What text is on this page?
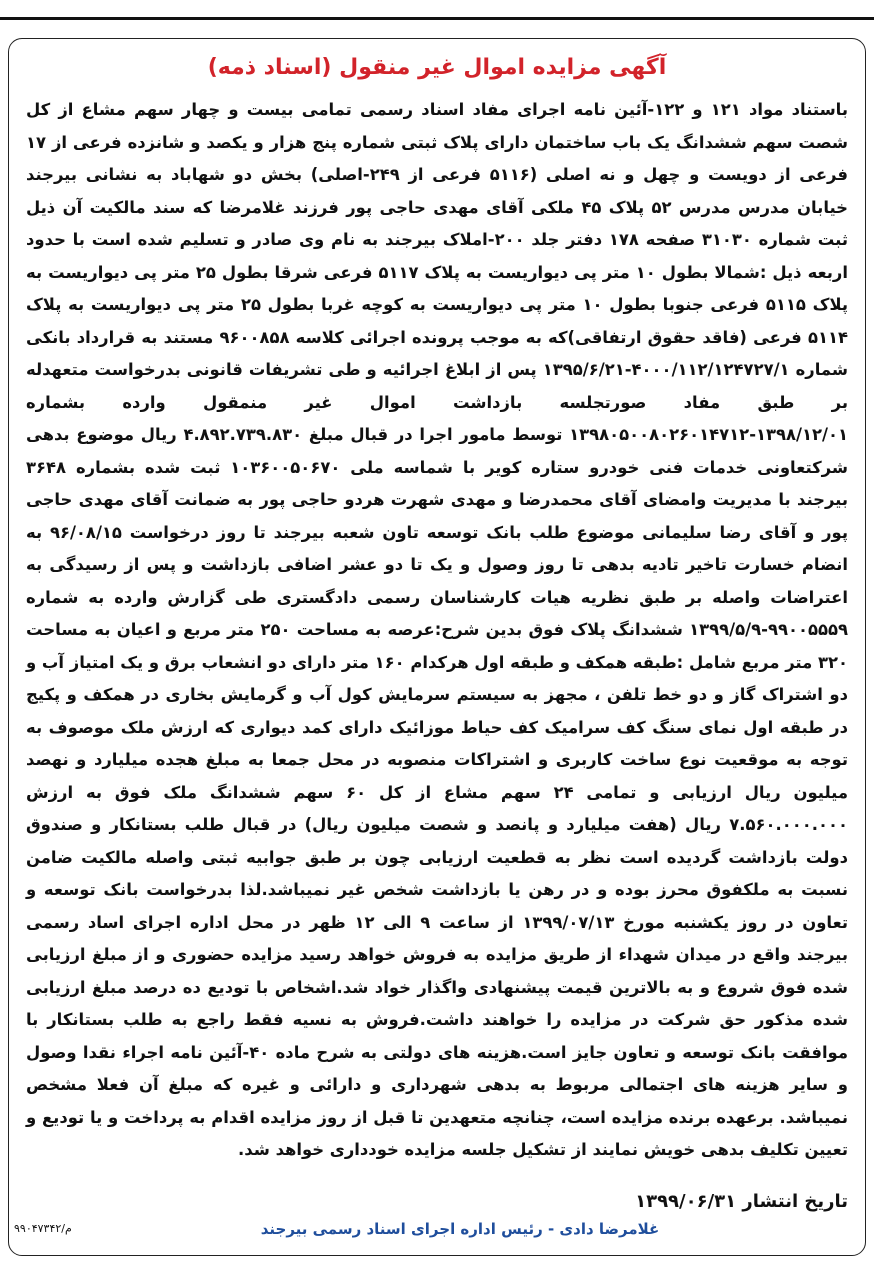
آگهی مزایده اموال غیر منقول (اسناد ذمه)
باستناد مواد ۱۲۱ و ۱۲۲-آئین نامه اجرای مفاد اسناد رسمی تمامی بیست و چهار سهم مشاع از کل شصت سهم ششدانگ یک باب ساختمان دارای پلاک ثبتی شماره پنج هزار و یکصد و شانزده فرعی از ۱۷ فرعی از دویست و چهل و نه اصلی (۵۱۱۶ فرعی از ۲۴۹-اصلی) بخش دو شهاباد به نشانی بیرجند خیابان مدرس مدرس ۵۲ پلاک ۴۵ ملکی آقای مهدی حاجی پور فرزند غلامرضا که سند مالکیت آن ذیل ثبت شماره ۳۱۰۳۰ صفحه ۱۷۸ دفتر جلد ۲۰۰-املاک بیرجند به نام وی صادر و تسلیم شده است با حدود اربعه ذیل :شمالا بطول ۱۰ متر پی دیواریست به پلاک ۵۱۱۷ فرعی شرقا بطول ۲۵ متر پی دیواریست به پلاک ۵۱۱۵ فرعی جنوبا بطول ۱۰ متر پی دیواریست به کوچه غربا بطول ۲۵ متر پی دیواریست به پلاک ۵۱۱۴ فرعی (فاقد حقوق ارتفاقی)که به موجب پرونده اجرائی کلاسه ۹۶۰۰۸۵۸ مستند به قرارداد بانکی شماره ۴۰۰۰/۱۱۲/۱۲۴۷۲۷/۱-۱۳۹۵/۶/۲۱ پس از ابلاغ اجرائیه و طی تشریفات قانونی بدرخواست متعهدله بر طبق مفاد صورتجلسه بازداشت اموال غیر منمقول وارده بشماره ۱۳۹۸/۱۲/۰۱-۱۳۹۸۰۵۰۰۸۰۲۶۰۱۴۷۱۲ توسط مامور اجرا در قبال مبلغ ۴.۸۹۲.۷۳۹.۸۳۰ ریال موضوع بدهی شرکتعاونی خدمات فنی خودرو ستاره کویر با شماسه ملی ۱۰۳۶۰۰۵۰۶۷۰ ثبت شده بشماره ۳۶۴۸ بیرجند با مدیریت وامضای آقای محمدرضا و مهدی شهرت هردو حاجی پور به ضمانت آقای مهدی حاجی پور و آقای رضا سلیمانی موضوع طلب بانک توسعه تاون شعبه بیرجند تا روز درخواست ۹۶/۰۸/۱۵ به انضام خسارت تاخیر تادیه بدهی تا روز وصول و یک تا دو عشر اضافی بازداشت و پس از رسیدگی به اعتراضات واصله بر طبق نظریه هیات کارشناسان رسمی دادگستری طی گزارش وارده به شماره ۹۹۰۰۵۵۵۹-۱۳۹۹/۵/۹ ششدانگ پلاک فوق بدین شرح:عرصه به مساحت ۲۵۰ متر مربع و اعیان به مساحت ۳۲۰ متر مربع شامل :طبقه همکف و طبقه اول هرکدام ۱۶۰ متر دارای دو انشعاب برق و یک امتیاز آب و دو اشتراک گاز و دو خط تلفن ، مجهز به سیستم سرمایش کول آب و گرمایش بخاری در همکف و پکیج در طبقه اول نمای سنگ کف سرامیک کف حیاط موزائیک دارای کمد دیواری که ارزش ملک موصوف به توجه به موقعیت نوع ساخت کاربری و اشتراکات منصوبه در محل جمعا به مبلغ هجده میلیارد و نهصد میلیون ریال ارزیابی و تمامی ۲۴ سهم مشاع از کل ۶۰ سهم ششدانگ ملک فوق به ارزش ۷.۵۶۰.۰۰۰.۰۰۰ ریال (هفت میلیارد و پانصد و شصت میلیون ریال) در قبال طلب بستانکار و صندوق دولت بازداشت گردیده است نظر به قطعیت ارزیابی چون بر طبق جوابیه ثبتی واصله مالکیت ضامن نسبت به ملکفوق محرز بوده و در رهن یا بازداشت شخص غیر نمیباشد.لذا بدرخواست بانک توسعه و تعاون در روز یکشنبه مورخ ۱۳۹۹/۰۷/۱۳ از ساعت ۹ الی ۱۲ ظهر در محل اداره اجرای اساد رسمی بیرجند واقع در میدان شهداء از طریق مزایده به فروش خواهد رسید مزایده حضوری و از مبلغ ارزیابی شده فوق شروع و به بالاترین قیمت پیشنهادی واگذار خواد شد.اشخاص با تودیع ده درصد مبلغ ارزیابی شده مذکور حق شرکت در مزایده را خواهند داشت.فروش به نسیه فقط راجع به طلب بستانکار با موافقت بانک توسعه و تعاون جایز است.هزینه های دولتی به شرح ماده ۴۰-آئین نامه اجراء نقدا وصول و سایر هزینه های اجتمالی مربوط به بدهی شهرداری و دارائی و غیره که مبلغ آن فعلا مشخص نمیباشد. برعهده برنده مزایده است، چنانچه متعهدین تا قبل از روز مزایده اقدام به پرداخت و یا تودیع و تعیین تکلیف بدهی خویش نمایند از تشکیل جلسه مزایده خودداری خواهد شد.
تاریخ انتشار ۱۳۹۹/۰۶/۳۱
غلامرضا دادی - رئیس اداره اجرای اسناد رسمی بیرجند
م/۹۹۰۴۷۳۴۲
